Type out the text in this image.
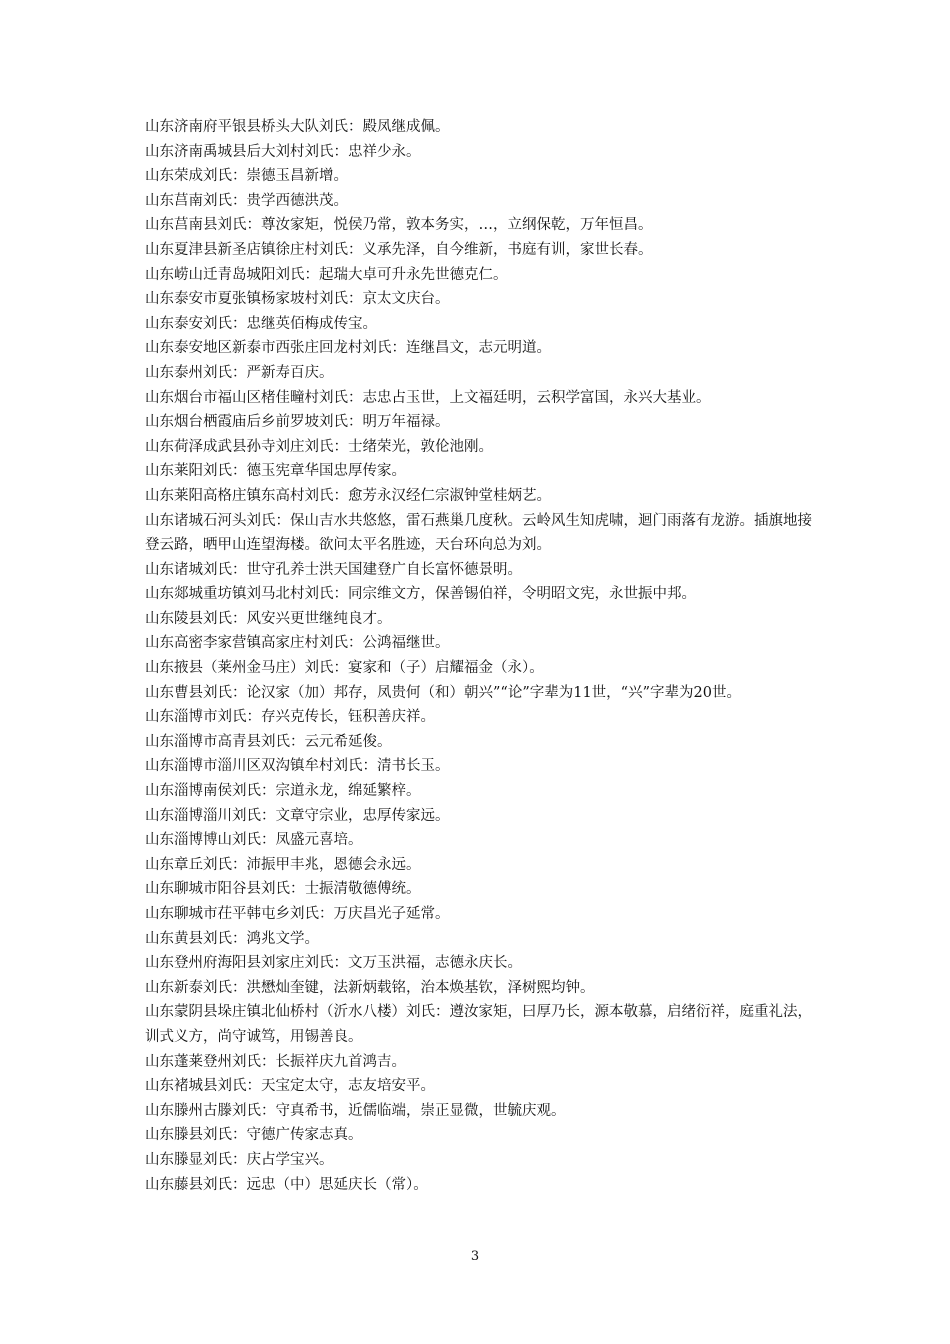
山东济南府平银县桥头大队刘氏：殿凤继成佩。
山东济南禹城县后大刘村刘氏：忠祥少永。
山东荣成刘氏：崇德玉昌新增。
山东莒南刘氏：贵学西德洪茂。
山东莒南县刘氏：尊汝家矩，悦侯乃常，敦本务实，…，立纲保乾，万年恒昌。
山东夏津县新圣店镇徐庄村刘氏：义承先泽，自今维新，书庭有训，家世长春。
山东崂山迁青岛城阳刘氏：起瑞大卓可升永先世德克仁。
山东泰安市夏张镇杨家坡村刘氏：京太文庆台。
山东泰安刘氏：忠继英佰梅成传宝。
山东泰安地区新泰市西张庄回龙村刘氏：连继昌文，志元明道。
山东泰州刘氏：严新寿百庆。
山东烟台市福山区楮佳疃村刘氏：志忠占玉世，上文福廷明，云积学富国，永兴大基业。
山东烟台栖霞庙后乡前罗坡刘氏：明万年福禄。
山东荷泽成武县孙寺刘庄刘氏：士绪荣光，敦伦池刚。
山东莱阳刘氏：德玉宪章华国忠厚传家。
山东莱阳高格庄镇东高村刘氏：愈芳永汉经仁宗淑钟堂桂炳艺。
山东诸城石河头刘氏：保山吉水共悠悠，雷石燕巢几度秋。云岭风生知虎啸，迴门雨落有龙游。插旗地接登云路，晒甲山连望海楼。欲问太平名胜迹，天台环向总为刘。
山东诸城刘氏：世守孔养士洪天国建登广自长富怀德景明。
山东郯城重坊镇刘马北村刘氏：同宗维文方，保善锡伯祥，令明昭文宪，永世振中邦。
山东陵县刘氏：风安兴更世继纯良才。
山东高密李家营镇高家庄村刘氏：公鸿福继世。
山东掖县（莱州金马庄）刘氏：宴家和（子）启耀福金（永）。
山东曹县刘氏：论汉家（加）邦存，凤贵何（和）朝兴”“论”字辈为11世，“兴”字辈为20世。
山东淄博市刘氏：存兴克传长，钰积善庆祥。
山东淄博市高青县刘氏：云元希延俊。
山东淄博市淄川区双沟镇牟村刘氏：清书长玉。
山东淄博南侯刘氏：宗道永龙，绵延繁梓。
山东淄博淄川刘氏：文章守宗业，忠厚传家远。
山东淄博博山刘氏：凤盛元喜培。
山东章丘刘氏：沛振甲丰兆，恩德会永远。
山东聊城市阳谷县刘氏：士振清敬德傅统。
山东聊城市茌平韩屯乡刘氏：万庆昌光子延常。
山东黄县刘氏：鸿兆文学。
山东登州府海阳县刘家庄刘氏：文万玉洪福，志德永庆长。
山东新泰刘氏：洪懋灿奎键，法新炳载铭，治本焕基钦，泽树熙均钟。
山东蒙阴县垛庄镇北仙桥村（沂水八楼）刘氏：遵汝家矩，曰厚乃长，源本敬慕，启绪衍祥，庭重礼法，训式义方，尚守诚笃，用锡善良。
山东蓬莱登州刘氏：长振祥庆九首鸿吉。
山东褚城县刘氏：天宝定太守，志友培安平。
山东滕州古滕刘氏：守真希书，近儒临端，崇正显微，世毓庆观。
山东滕县刘氏：守德广传家志真。
山东滕显刘氏：庆占学宝兴。
山东藤县刘氏：远忠（中）思延庆长（常）。
3
